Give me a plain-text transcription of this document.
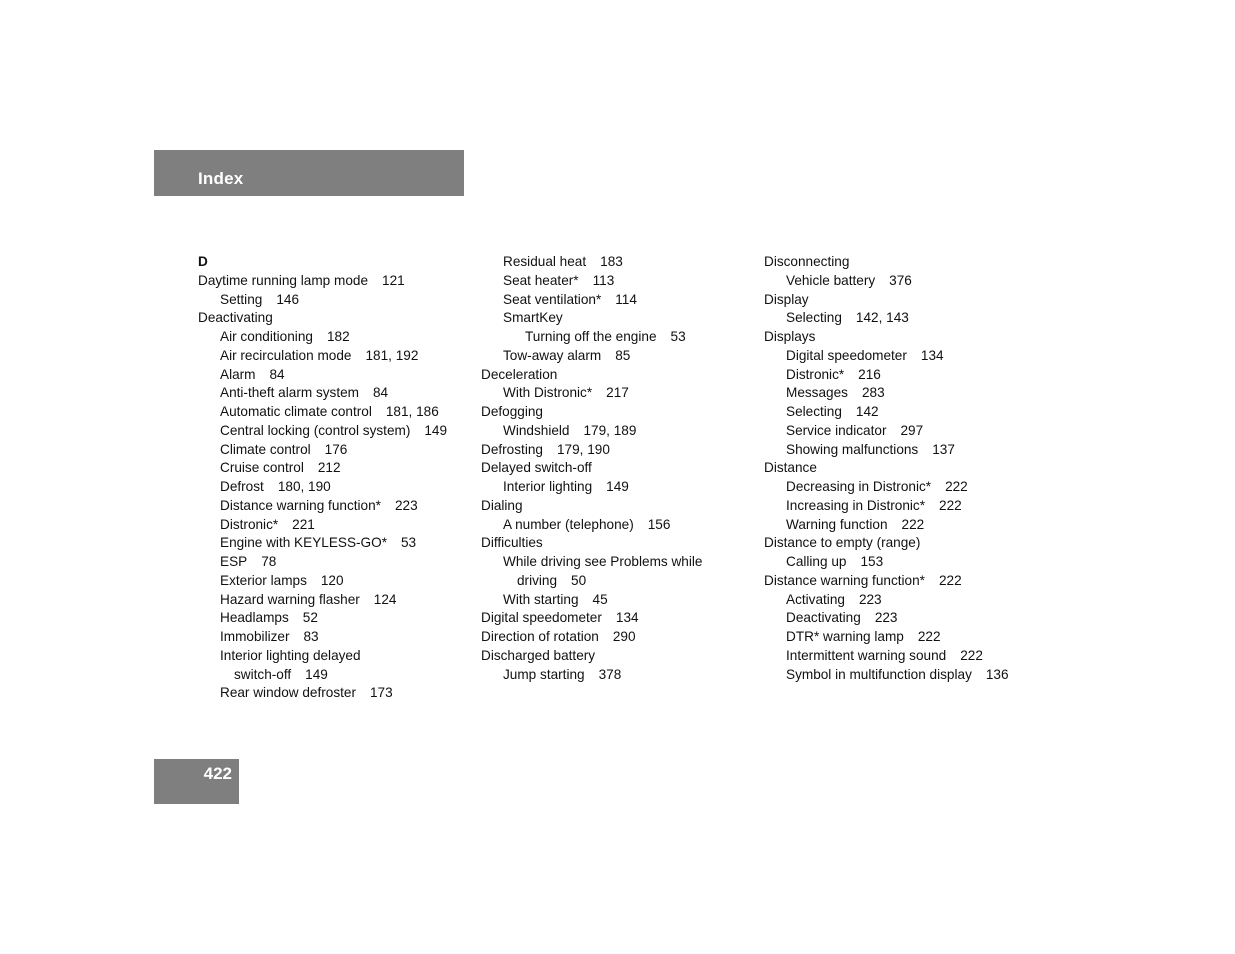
Index
D
Daytime running lamp mode 121
Setting 146
Deactivating
Air conditioning 182
Air recirculation mode 181, 192
Alarm 84
Anti-theft alarm system 84
Automatic climate control 181, 186
Central locking (control system) 149
Climate control 176
Cruise control 212
Defrost 180, 190
Distance warning function* 223
Distronic* 221
Engine with KEYLESS-GO* 53
ESP 78
Exterior lamps 120
Hazard warning flasher 124
Headlamps 52
Immobilizer 83
Interior lighting delayed
switch-off 149
Rear window defroster 173
Residual heat 183
Seat heater* 113
Seat ventilation* 114
SmartKey
Turning off the engine 53
Tow-away alarm 85
Deceleration
With Distronic* 217
Defogging
Windshield 179, 189
Defrosting 179, 190
Delayed switch-off
Interior lighting 149
Dialing
A number (telephone) 156
Difficulties
While driving see Problems while
driving 50
With starting 45
Digital speedometer 134
Direction of rotation 290
Discharged battery
Jump starting 378
Disconnecting
Vehicle battery 376
Display
Selecting 142, 143
Displays
Digital speedometer 134
Distronic* 216
Messages 283
Selecting 142
Service indicator 297
Showing malfunctions 137
Distance
Decreasing in Distronic* 222
Increasing in Distronic* 222
Warning function 222
Distance to empty (range)
Calling up 153
Distance warning function* 222
Activating 223
Deactivating 223
DTR* warning lamp 222
Intermittent warning sound 222
Symbol in multifunction display 136
422
